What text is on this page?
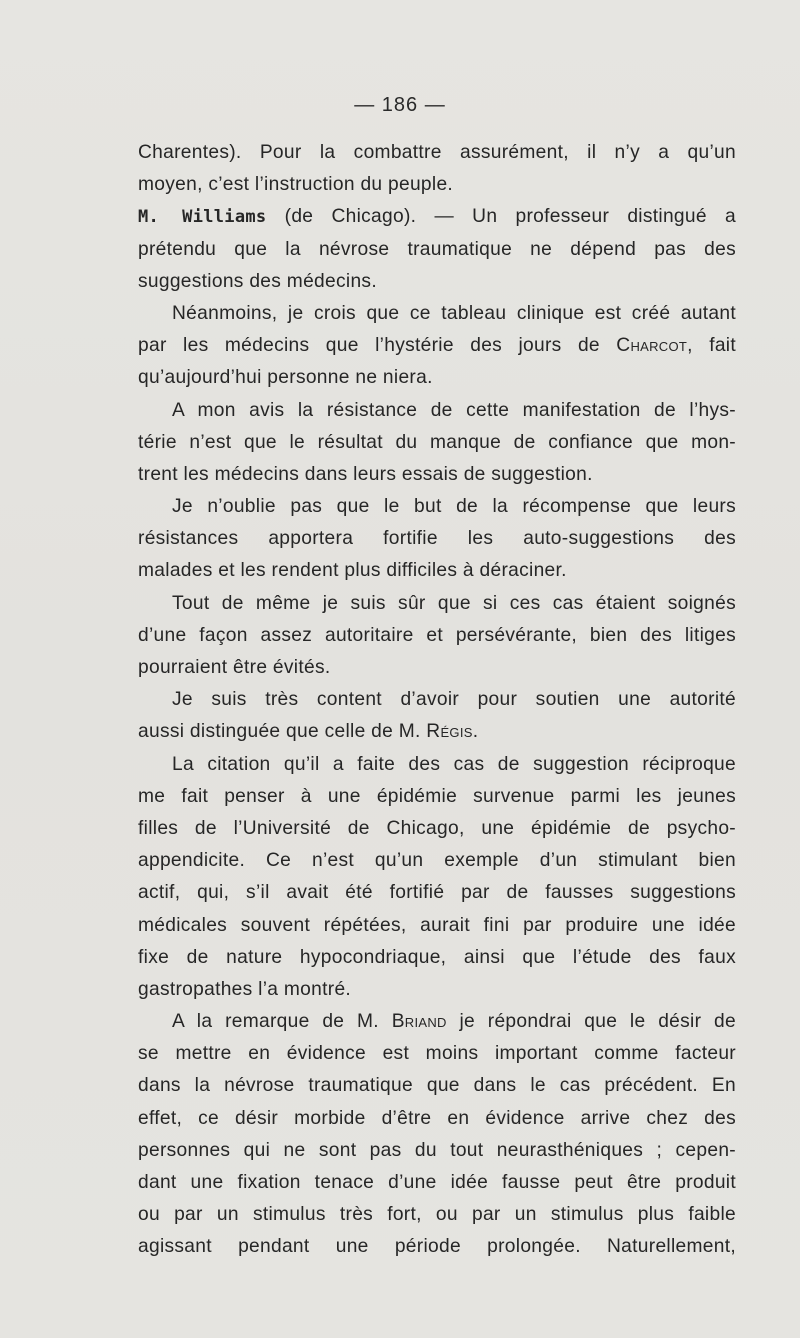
— 186 —
Charentes). Pour la combattre assurément, il n’y a qu’un
moyen, c’est l’instruction du peuple.
M. Williams (de Chicago). — Un professeur distingué a
prétendu que la névrose traumatique ne dépend pas des
suggestions des médecins.
Néanmoins, je crois que ce tableau clinique est créé autant
par les médecins que l’hystérie des jours de Charcot, fait
qu’aujourd’hui personne ne niera.
A mon avis la résistance de cette manifestation de l’hys-
térie n’est que le résultat du manque de confiance que mon-
trent les médecins dans leurs essais de suggestion.
Je n’oublie pas que le but de la récompense que leurs
résistances apportera fortifie les auto-suggestions des
malades et les rendent plus difficiles à déraciner.
Tout de même je suis sûr que si ces cas étaient soignés
d’une façon assez autoritaire et persévérante, bien des litiges
pourraient être évités.
Je suis très content d’avoir pour soutien une autorité
aussi distinguée que celle de M. Régis.
La citation qu’il a faite des cas de suggestion réciproque
me fait penser à une épidémie survenue parmi les jeunes
filles de l’Université de Chicago, une épidémie de psycho-
appendicite. Ce n’est qu’un exemple d’un stimulant bien
actif, qui, s’il avait été fortifié par de fausses suggestions
médicales souvent répétées, aurait fini par produire une idée
fixe de nature hypocondriaque, ainsi que l’étude des faux
gastropathes l’a montré.
A la remarque de M. Briand je répondrai que le désir de
se mettre en évidence est moins important comme facteur
dans la névrose traumatique que dans le cas précédent. En
effet, ce désir morbide d’être en évidence arrive chez des
personnes qui ne sont pas du tout neurasthéniques ; cepen-
dant une fixation tenace d’une idée fausse peut être produit
ou par un stimulus très fort, ou par un stimulus plus faible
agissant pendant une période prolongée. Naturellement,
